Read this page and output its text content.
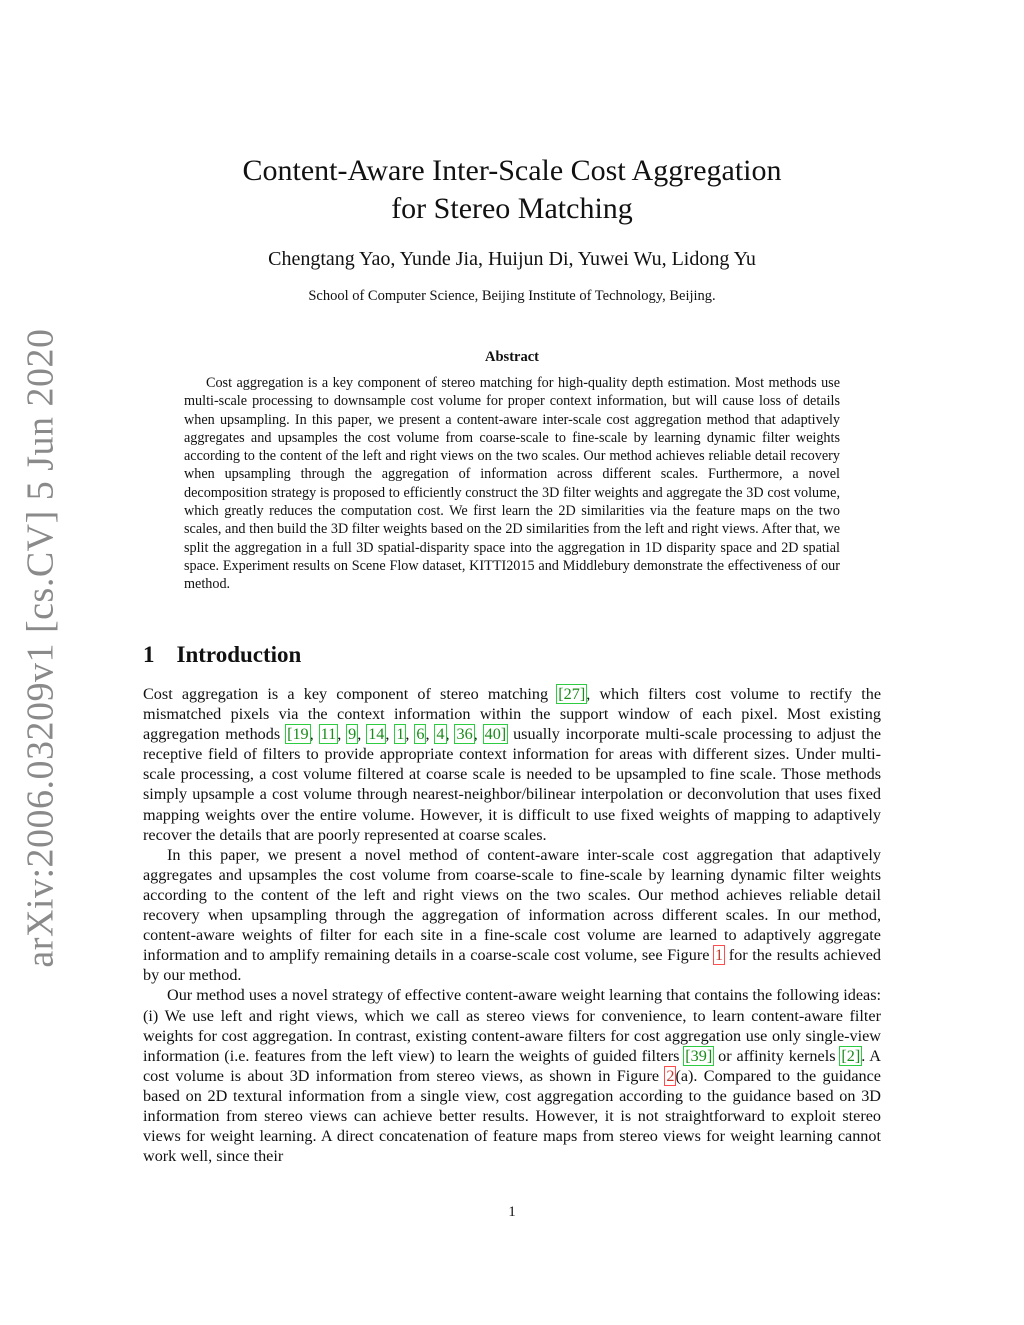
arXiv:2006.03209v1 [cs.CV] 5 Jun 2020
Content-Aware Inter-Scale Cost Aggregation
for Stereo Matching

Chengtang Yao, Yunde Jia, Huijun Di, Yuwei Wu, Lidong Yu

School of Computer Science, Beijing Institute of Technology, Beijing.

Abstract

Cost aggregation is a key component of stereo matching for high-quality depth estimation. Most methods use multi-scale processing to downsample cost volume for proper context information, but will cause loss of details when upsampling. In this paper, we present a content-aware inter-scale cost aggregation method that adaptively aggregates and upsamples the cost volume from coarse-scale to fine-scale by learning dynamic filter weights according to the content of the left and right views on the two scales. Our method achieves reliable detail recovery when upsampling through the aggregation of information across different scales. Furthermore, a novel decomposition strategy is proposed to efficiently construct the 3D filter weights and aggregate the 3D cost volume, which greatly reduces the computation cost. We first learn the 2D similarities via the feature maps on the two scales, and then build the 3D filter weights based on the 2D similarities from the left and right views. After that, we split the aggregation in a full 3D spatial-disparity space into the aggregation in 1D disparity space and 2D spatial space. Experiment results on Scene Flow dataset, KITTI2015 and Middlebury demonstrate the effectiveness of our method.

1 Introduction

Cost aggregation is a key component of stereo matching [27], which filters cost volume to rectify the mismatched pixels via the context information within the support window of each pixel. Most existing aggregation methods [19, 11, 9, 14, 1, 6, 4, 36, 40] usually incorporate multi-scale processing to adjust the receptive field of filters to provide appropriate context information for areas with different sizes. Under multi-scale processing, a cost volume filtered at coarse scale is needed to be upsampled to fine scale. Those methods simply upsample a cost volume through nearest-neighbor/bilinear interpolation or deconvolution that uses fixed mapping weights over the entire volume. However, it is difficult to use fixed weights of mapping to adaptively recover the details that are poorly represented at coarse scales.

In this paper, we present a novel method of content-aware inter-scale cost aggregation that adaptively aggregates and upsamples the cost volume from coarse-scale to fine-scale by learning dynamic filter weights according to the content of the left and right views on the two scales. Our method achieves reliable detail recovery when upsampling through the aggregation of information across different scales. In our method, content-aware weights of filter for each site in a fine-scale cost volume are learned to adaptively aggregate information and to amplify remaining details in a coarse-scale cost volume, see Figure 1 for the results achieved by our method.

Our method uses a novel strategy of effective content-aware weight learning that contains the following ideas: (i) We use left and right views, which we call as stereo views for convenience, to learn content-aware filter weights for cost aggregation. In contrast, existing content-aware filters for cost aggregation use only single-view information (i.e. features from the left view) to learn the weights of guided filters [39] or affinity kernels [2]. A cost volume is about 3D information from stereo views, as shown in Figure 2(a). Compared to the guidance based on 2D textural information from a single view, cost aggregation according to the guidance based on 3D information from stereo views can achieve better results. However, it is not straightforward to exploit stereo views for weight learning. A direct concatenation of feature maps from stereo views for weight learning cannot work well, since their

1
